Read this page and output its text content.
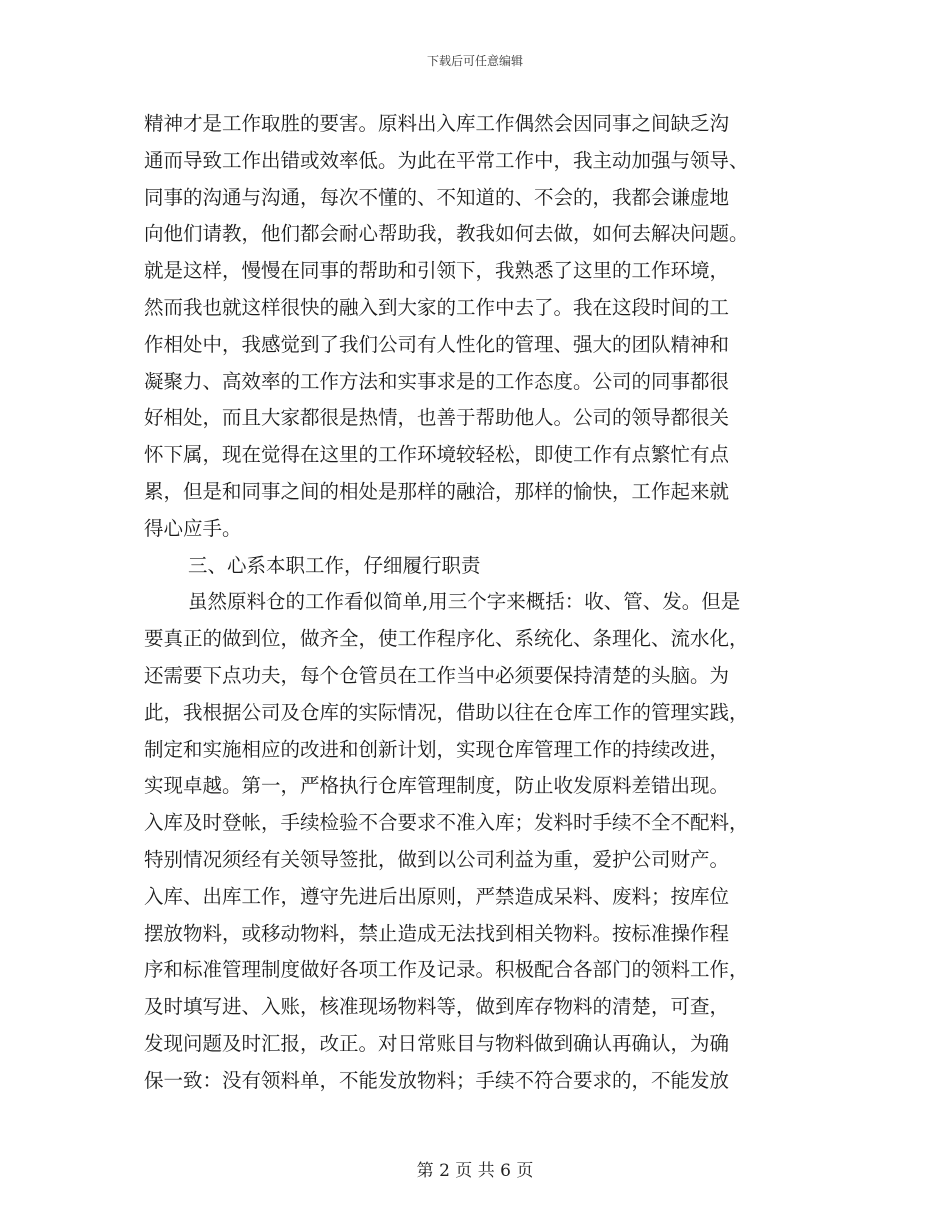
下载后可任意编辑
精神才是工作取胜的要害。原料出入库工作偶然会因同事之间缺乏沟
通而导致工作出错或效率低。为此在平常工作中，我主动加强与领导、
同事的沟通与沟通，每次不懂的、不知道的、不会的，我都会谦虚地
向他们请教，他们都会耐心帮助我，教我如何去做，如何去解决问题。
就是这样，慢慢在同事的帮助和引领下，我熟悉了这里的工作环境，
然而我也就这样很快的融入到大家的工作中去了。我在这段时间的工
作相处中，我感觉到了我们公司有人性化的管理、强大的团队精神和
凝聚力、高效率的工作方法和实事求是的工作态度。公司的同事都很
好相处，而且大家都很是热情，也善于帮助他人。公司的领导都很关
怀下属，现在觉得在这里的工作环境较轻松，即使工作有点繁忙有点
累，但是和同事之间的相处是那样的融洽，那样的愉快，工作起来就
得心应手。
三、心系本职工作，仔细履行职责
虽然原料仓的工作看似简单,用三个字来概括：收、管、发。但是
要真正的做到位，做齐全，使工作程序化、系统化、条理化、流水化，
还需要下点功夫，每个仓管员在工作当中必须要保持清楚的头脑。为
此，我根据公司及仓库的实际情况，借助以往在仓库工作的管理实践，
制定和实施相应的改进和创新计划，实现仓库管理工作的持续改进，
实现卓越。第一，严格执行仓库管理制度，防止收发原料差错出现。
入库及时登帐，手续检验不合要求不准入库；发料时手续不全不配料，
特别情况须经有关领导签批，做到以公司利益为重，爱护公司财产。
入库、出库工作，遵守先进后出原则，严禁造成呆料、废料；按库位
摆放物料，或移动物料，禁止造成无法找到相关物料。按标准操作程
序和标准管理制度做好各项工作及记录。积极配合各部门的领料工作，
及时填写进、入账，核准现场物料等，做到库存物料的清楚，可查，
发现问题及时汇报，改正。对日常账目与物料做到确认再确认，为确
保一致：没有领料单，不能发放物料；手续不符合要求的，不能发放
第 2 页 共 6 页
